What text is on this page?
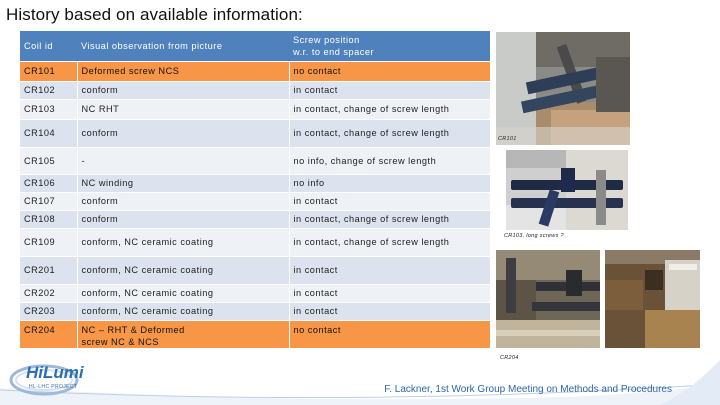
History based on available information:
Coil id	Visual observation from picture	Screw position
w.r. to end spacer
CR101	Deformed screw NCS	no contact
CR102	conform	in contact
CR103	NC RHT	in contact, change of screw length
CR104	conform	in contact, change of screw length
CR105	-	no info, change of screw length
CR106	NC winding	no info
CR107	conform	in contact
CR108	conform	in contact, change of screw length
CR109	conform, NC ceramic coating	in contact, change of screw length
CR201	conform, NC ceramic coating	in contact
CR202	conform, NC ceramic coating	in contact
CR203	conform, NC ceramic coating	in contact
CR204	NC – RHT & Deformed
screw NC & NCS	no contact
CR101
CR103, long screws ?
CR204
HiLumi
HL-LHC PROJECT	F. Lackner, 1st Work Group Meeting on Methods and Procedures
